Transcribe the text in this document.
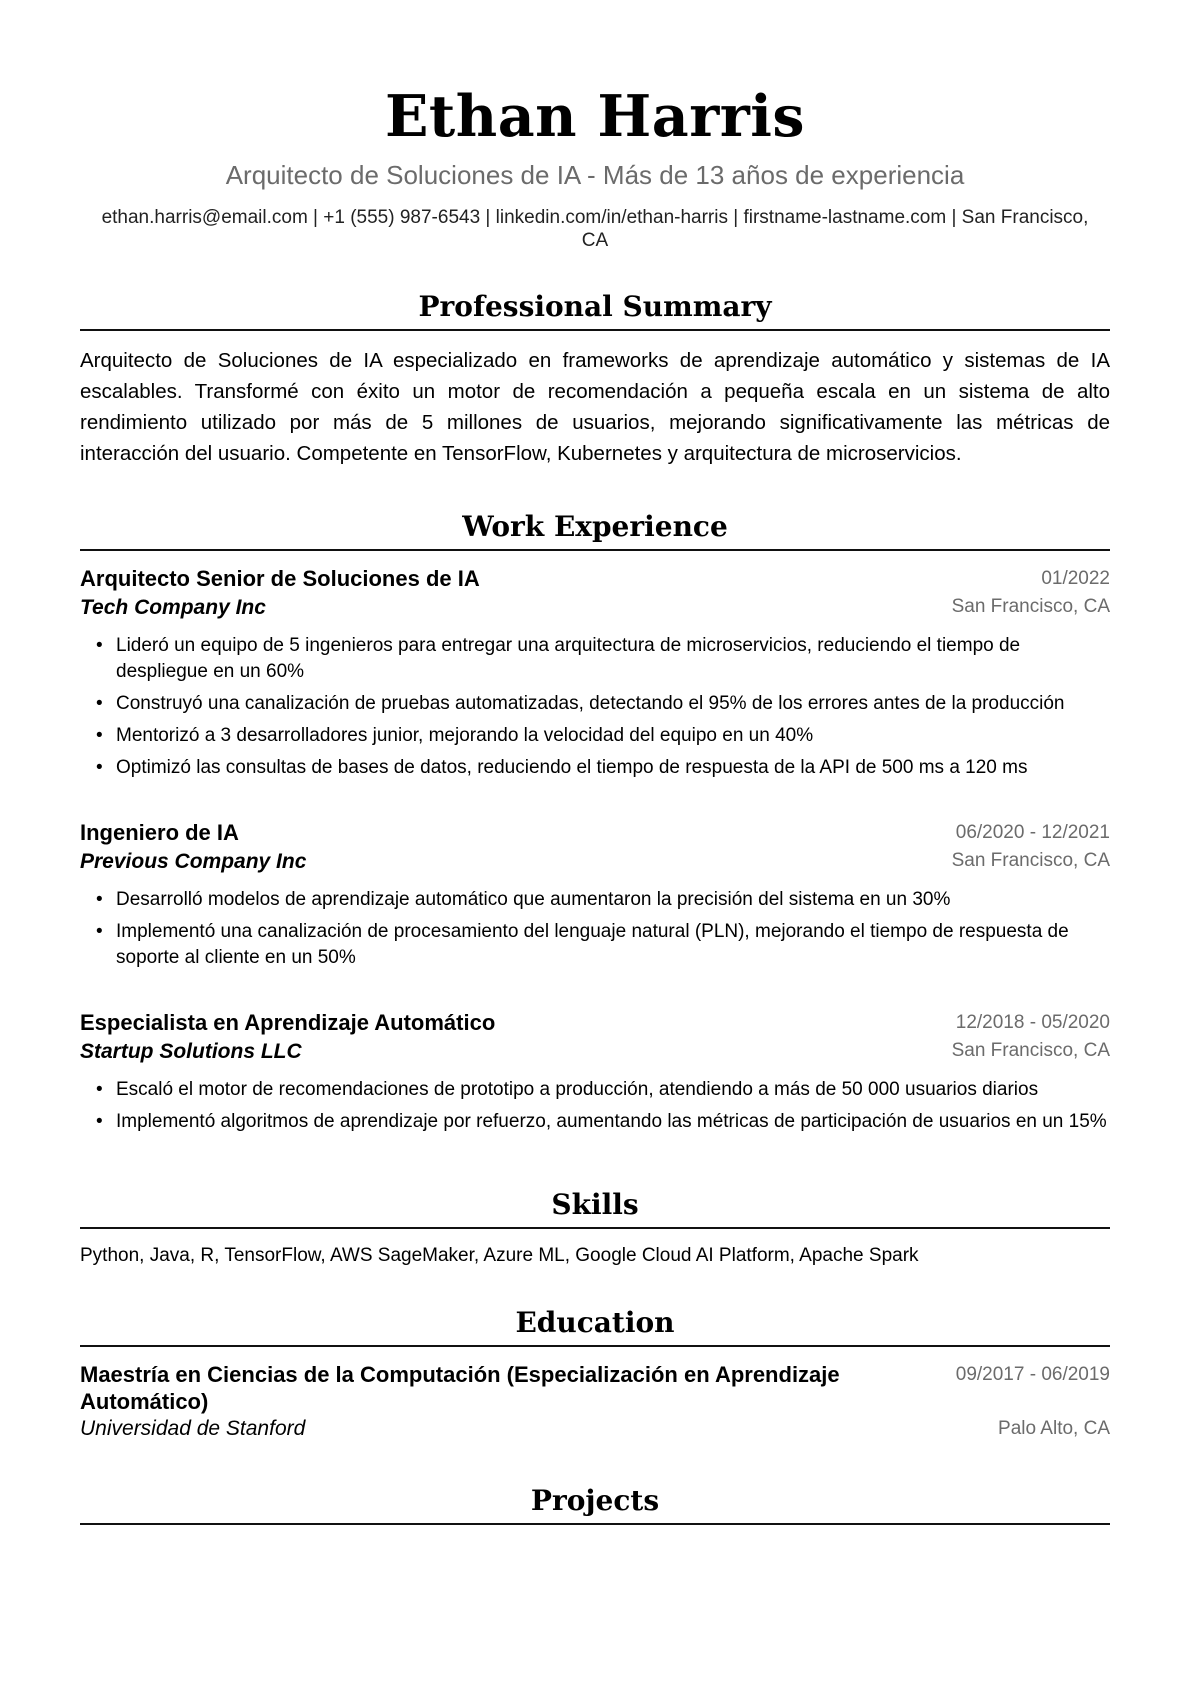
Ethan Harris
Arquitecto de Soluciones de IA - Más de 13 años de experiencia
ethan.harris@email.com | +1 (555) 987-6543 | linkedin.com/in/ethan-harris | firstname-lastname.com | San Francisco,
CA
Professional Summary
Arquitecto de Soluciones de IA especializado en frameworks de aprendizaje automático y sistemas de IA escalables. Transformé con éxito un motor de recomendación a pequeña escala en un sistema de alto rendimiento utilizado por más de 5 millones de usuarios, mejorando significativamente las métricas de interacción del usuario. Competente en TensorFlow, Kubernetes y arquitectura de microservicios.
Work Experience
Arquitecto Senior de Soluciones de IA	01/2022
Tech Company Inc	San Francisco, CA
• Lideró un equipo de 5 ingenieros para entregar una arquitectura de microservicios, reduciendo el tiempo de despliegue en un 60%
• Construyó una canalización de pruebas automatizadas, detectando el 95% de los errores antes de la producción
• Mentorizó a 3 desarrolladores junior, mejorando la velocidad del equipo en un 40%
• Optimizó las consultas de bases de datos, reduciendo el tiempo de respuesta de la API de 500 ms a 120 ms
Ingeniero de IA	06/2020 - 12/2021
Previous Company Inc	San Francisco, CA
• Desarrolló modelos de aprendizaje automático que aumentaron la precisión del sistema en un 30%
• Implementó una canalización de procesamiento del lenguaje natural (PLN), mejorando el tiempo de respuesta de soporte al cliente en un 50%
Especialista en Aprendizaje Automático	12/2018 - 05/2020
Startup Solutions LLC	San Francisco, CA
• Escaló el motor de recomendaciones de prototipo a producción, atendiendo a más de 50 000 usuarios diarios
• Implementó algoritmos de aprendizaje por refuerzo, aumentando las métricas de participación de usuarios en un 15%
Skills
Python, Java, R, TensorFlow, AWS SageMaker, Azure ML, Google Cloud AI Platform, Apache Spark
Education
Maestría en Ciencias de la Computación (Especialización en Aprendizaje Automático)
09/2017 - 06/2019
Universidad de Stanford	Palo Alto, CA
Projects
